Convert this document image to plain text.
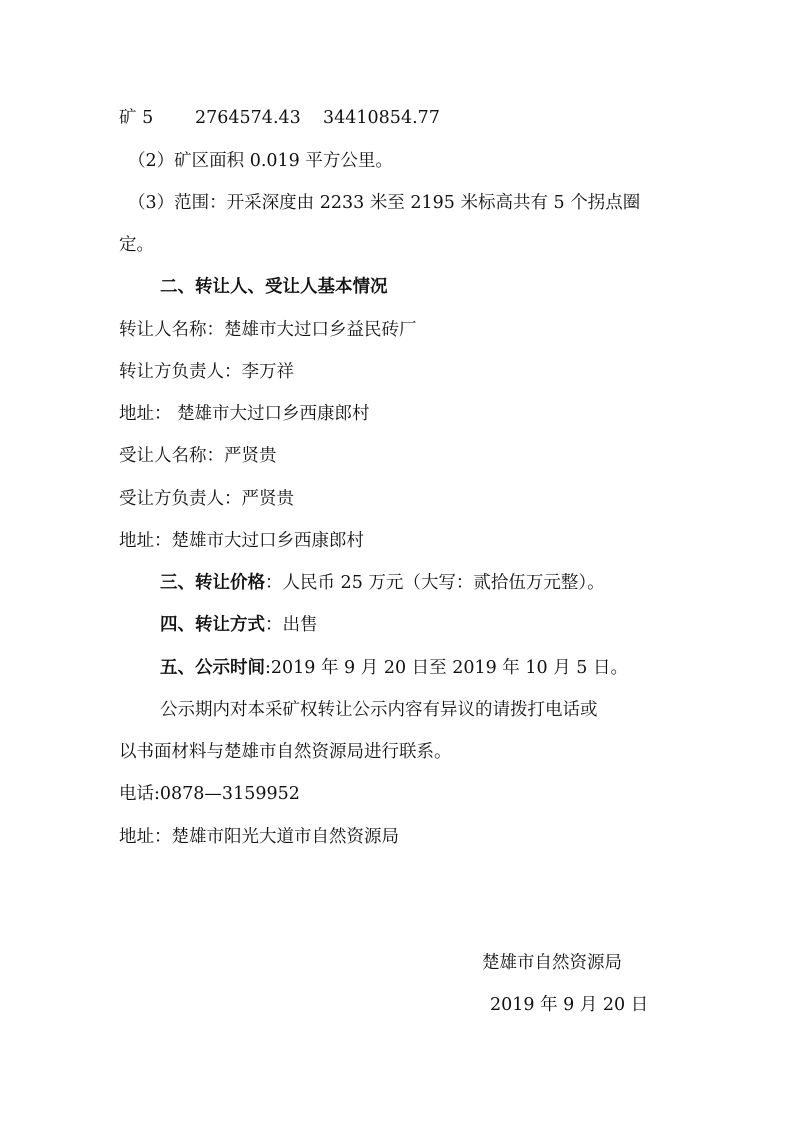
矿 5 2764574.43 34410854.77
（2）矿区面积 0.019 平方公里。
（3）范围：开采深度由 2233 米至 2195 米标高共有 5 个拐点圈
定。
二、转让人、受让人基本情况
转让人名称：楚雄市大过口乡益民砖厂
转让方负责人：李万祥
地址： 楚雄市大过口乡西康郎村
受让人名称：严贤贵
受让方负责人：严贤贵
地址：楚雄市大过口乡西康郎村
三、转让价格：人民币 25 万元（大写：贰拾伍万元整）。
四、转让方式：出售
五、公示时间:2019 年 9 月 20 日至 2019 年 10 月 5 日。
公示期内对本采矿权转让公示内容有异议的请拨打电话或
以书面材料与楚雄市自然资源局进行联系。
电话:0878—3159952
地址：楚雄市阳光大道市自然资源局
楚雄市自然资源局
2019 年 9 月 20 日
